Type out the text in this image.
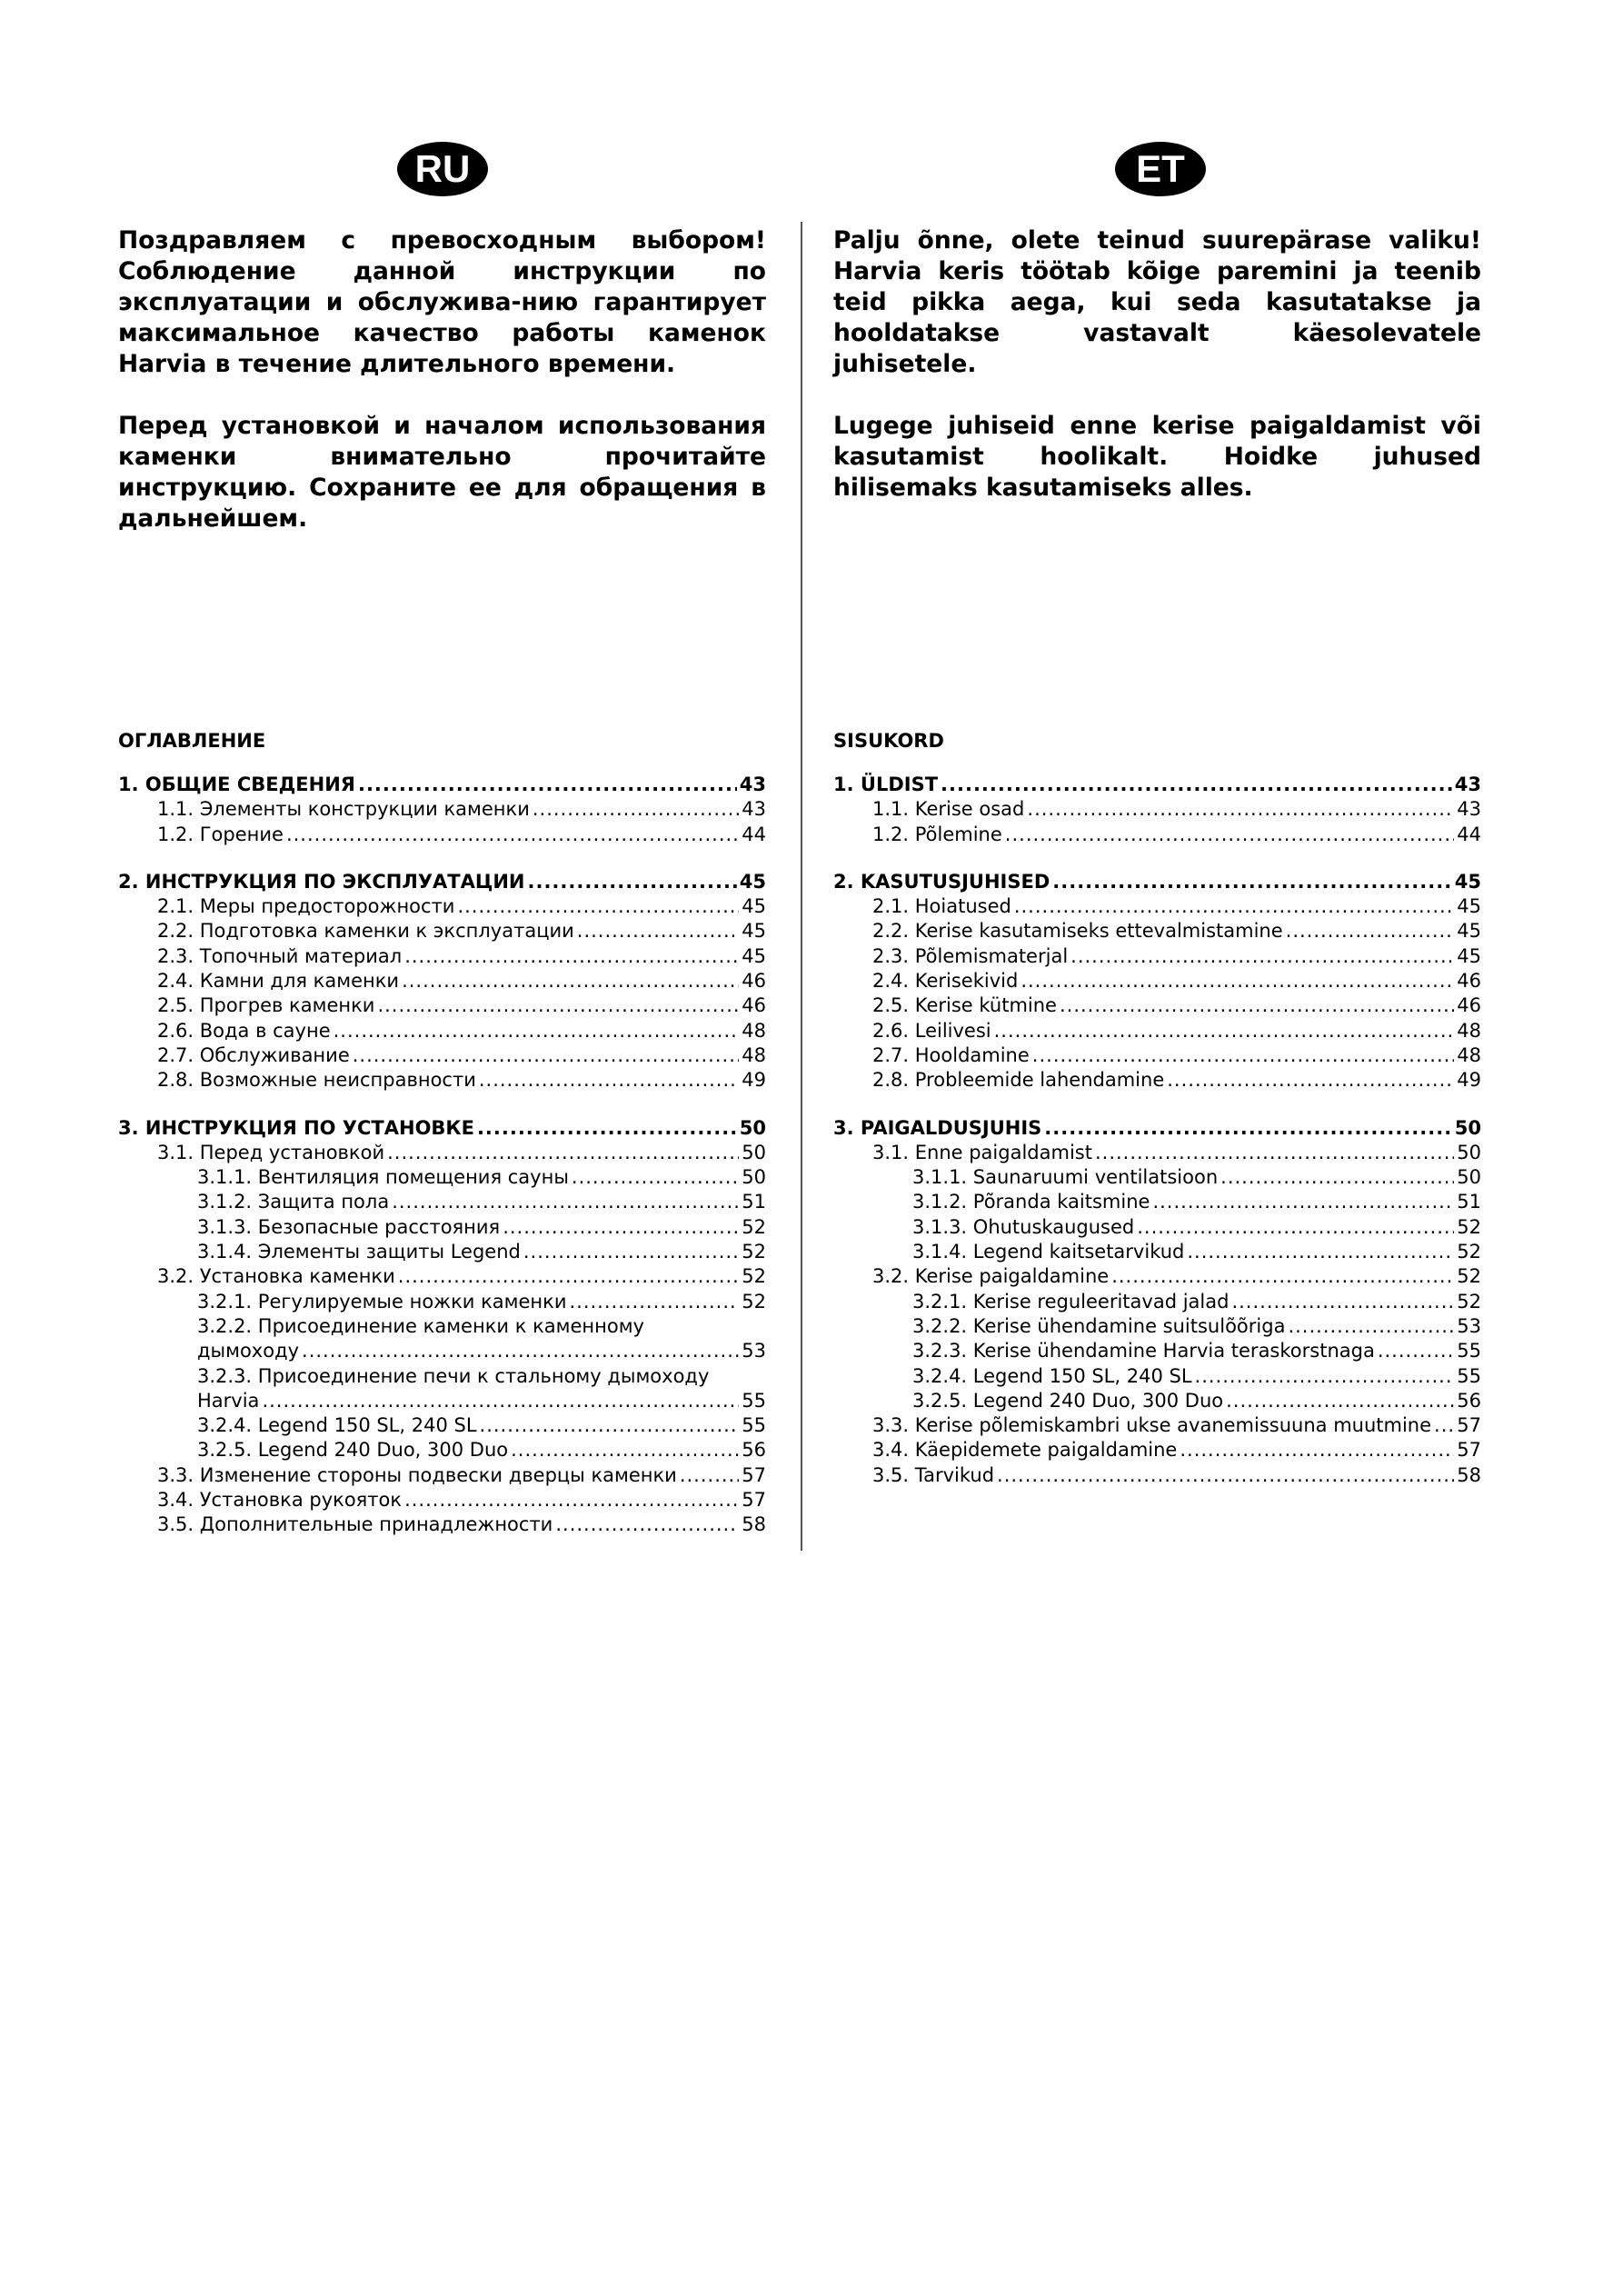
RU

Поздравляем с превосходным выбором! Соблюдение данной инструкции по эксплуатации и обслужива-нию гарантирует максимальное качество работы каменок Harvia в течение длительного времени.

Перед установкой и началом использования каменки внимательно прочитайте инструкцию. Сохраните ее для обращения в дальнейшем.

ОГЛАВЛЕНИЕ
1. ОБЩИЕ СВЕДЕНИЯ .....	43
1.1. Элементы конструкции каменки .....	43
1.2. Горение .....	44
2. ИНСТРУКЦИЯ ПО ЭКСПЛУАТАЦИИ .....	45
2.1. Меры предосторожности .....	45
2.2. Подготовка каменки к эксплуатации .....	45
2.3. Топочный материал .....	45
2.4. Камни для каменки .....	46
2.5. Прогрев каменки .....	46
2.6. Вода в сауне .....	48
2.7. Обслуживание .....	48
2.8. Возможные неисправности .....	49
3. ИНСТРУКЦИЯ ПО УСТАНОВКЕ .....	50
3.1. Перед установкой .....	50
3.1.1. Вентиляция помещения сауны .....	50
3.1.2. Защита пола .....	51
3.1.3. Безопасные расстояния .....	52
3.1.4. Элементы защиты Legend .....	52
3.2. Установка каменки .....	52
3.2.1. Регулируемые ножки каменки .....	52
3.2.2. Присоединение каменки к каменному
дымоходу .....	53
3.2.3. Присоединение печи к стальному дымоходу
Harvia .....	55
3.2.4. Legend 150 SL, 240 SL .....	55
3.2.5. Legend 240 Duo, 300 Duo .....	56
3.3. Изменение стороны подвески дверцы каменки .....	57
3.4. Установка рукояток .....	57
3.5. Дополнительные принадлежности .....	58
ET

Palju õnne, olete teinud suurepärase valiku! Harvia keris töötab kõige paremini ja teenib teid pikka aega, kui seda kasutatakse ja hooldatakse vastavalt käesolevatele juhisetele.

Lugege juhiseid enne kerise paigaldamist või kasutamist hoolikalt. Hoidke juhused hilisemaks kasutamiseks alles.

SISUKORD
1. ÜLDIST .....	43
1.1. Kerise osad .....	43
1.2. Põlemine .....	44
2. KASUTUSJUHISED .....	45
2.1. Hoiatused .....	45
2.2. Kerise kasutamiseks ettevalmistamine .....	45
2.3. Põlemismaterjal .....	45
2.4. Kerisekivid .....	46
2.5. Kerise kütmine .....	46
2.6. Leilivesi .....	48
2.7. Hooldamine .....	48
2.8. Probleemide lahendamine .....	49
3. PAIGALDUSJUHIS .....	50
3.1. Enne paigaldamist .....	50
3.1.1. Saunaruumi ventilatsioon .....	50
3.1.2. Põranda kaitsmine .....	51
3.1.3. Ohutuskaugused .....	52
3.1.4. Legend kaitsetarvikud .....	52
3.2. Kerise paigaldamine .....	52
3.2.1. Kerise reguleeritavad jalad .....	52
3.2.2. Kerise ühendamine suitsulõõriga .....	53
3.2.3. Kerise ühendamine Harvia teraskorstnaga .....	55
3.2.4. Legend 150 SL, 240 SL .....	55
3.2.5. Legend 240 Duo, 300 Duo .....	56
3.3. Kerise põlemiskambri ukse avanemissuuna muutmine ..... 57
3.4. Käepidemete paigaldamine .....	57
3.5. Tarvikud .....	58
